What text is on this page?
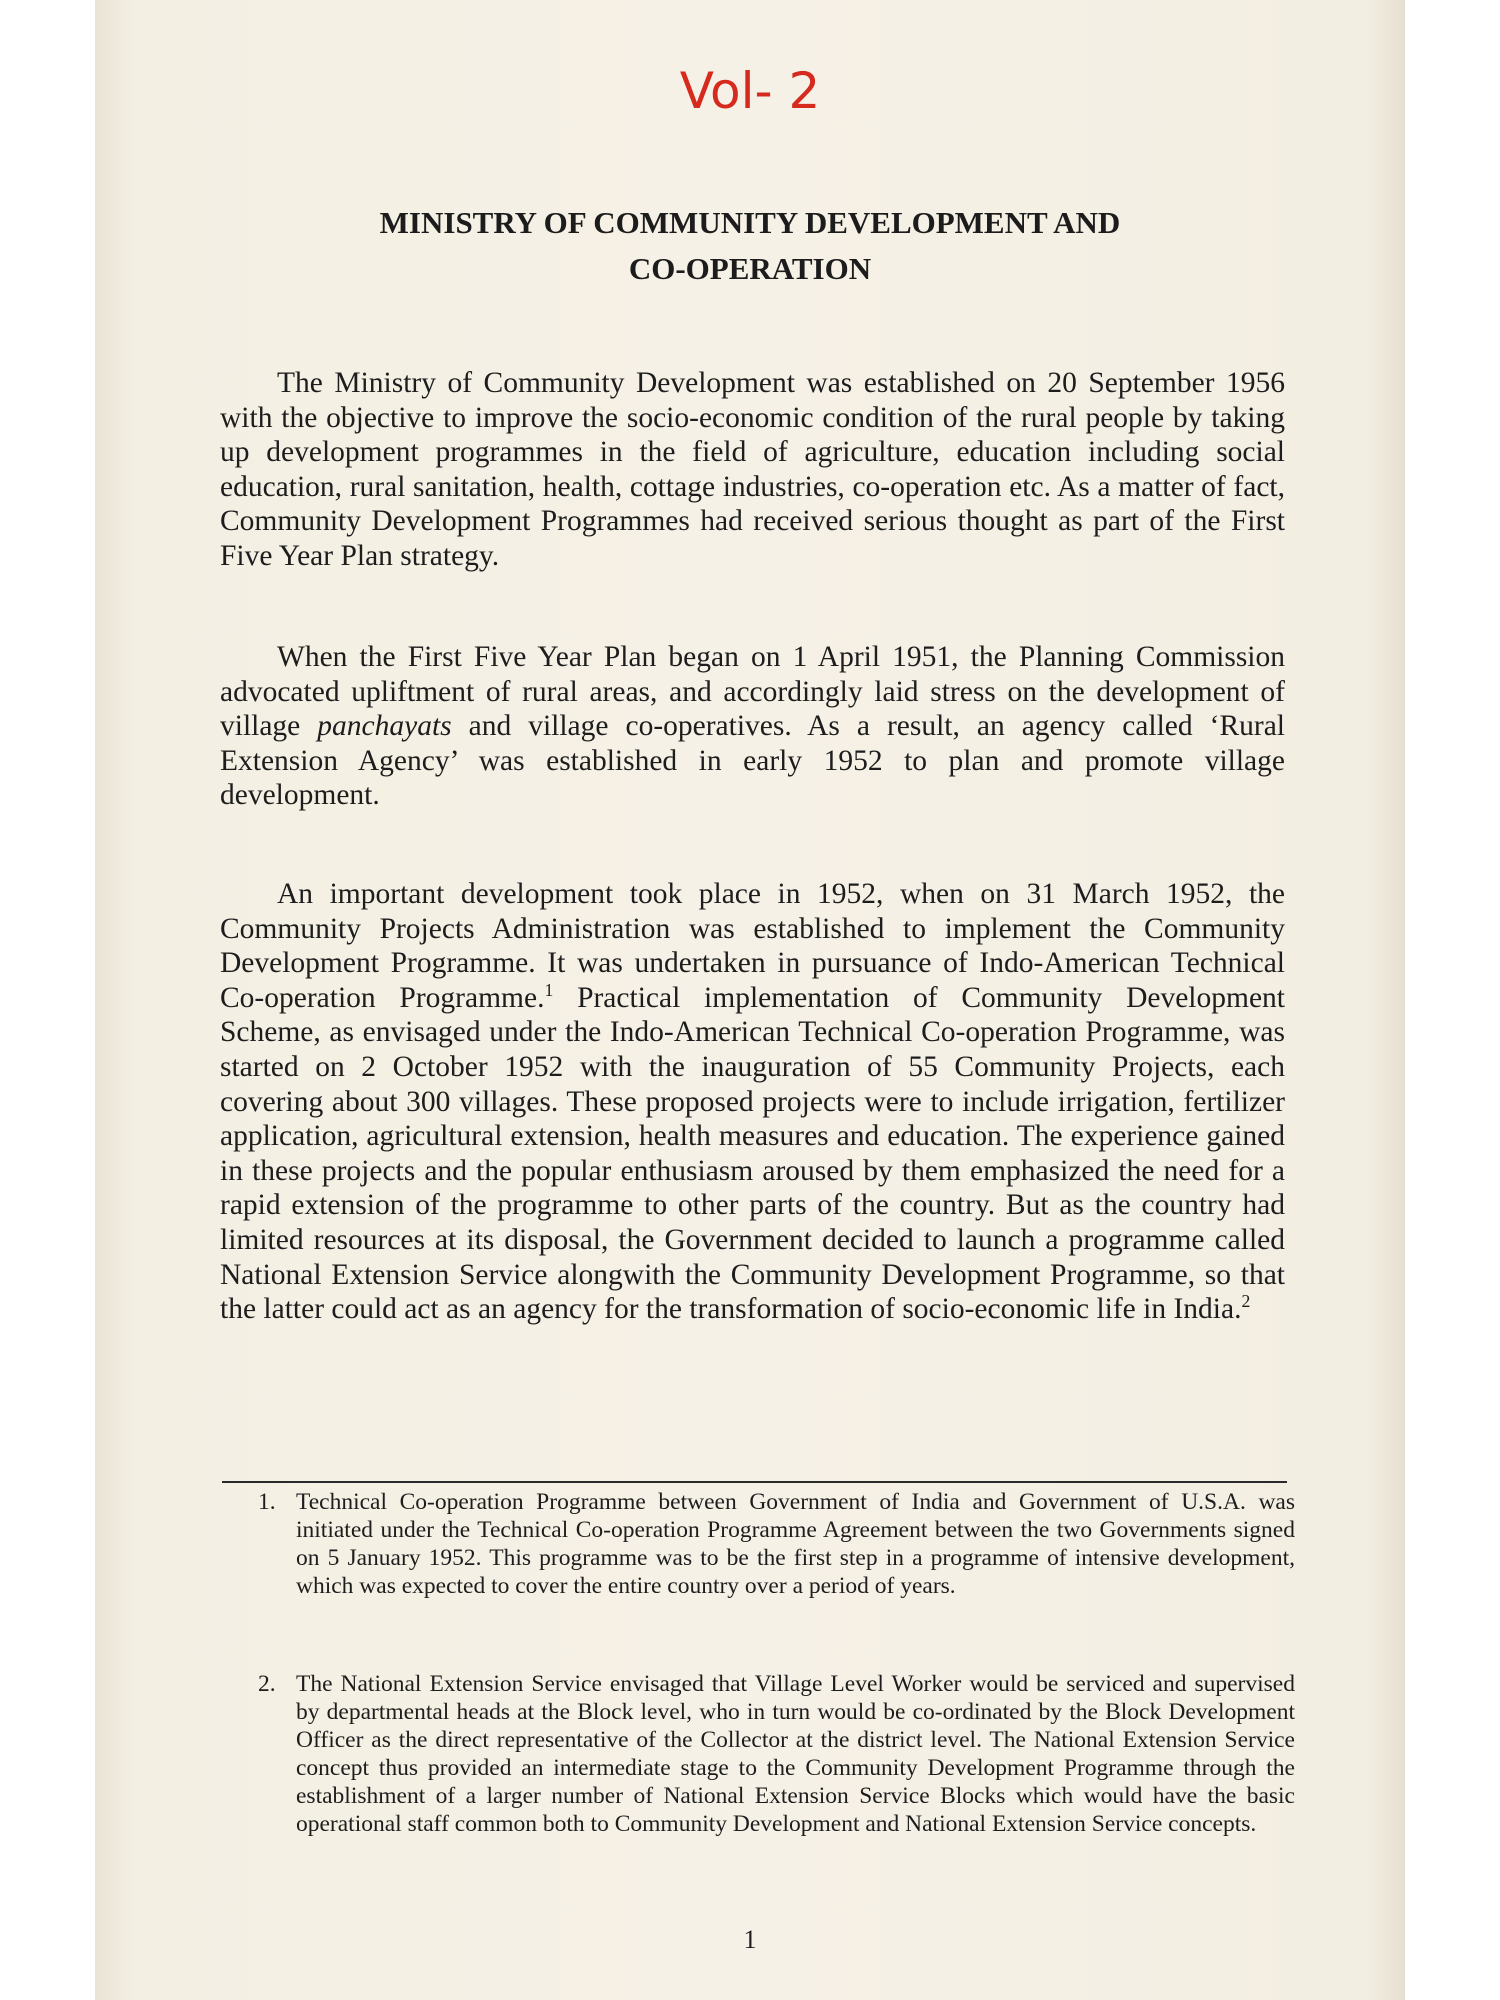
Vol- 2

MINISTRY OF COMMUNITY DEVELOPMENT AND
CO-OPERATION

The Ministry of Community Development was established on 20 September 1956 with the objective to improve the socio-economic condition of the rural people by taking up development programmes in the field of agriculture, education including social education, rural sanitation, health, cottage industries, co-operation etc. As a matter of fact, Community Development Programmes had received serious thought as part of the First Five Year Plan strategy.

When the First Five Year Plan began on 1 April 1951, the Planning Commission advocated upliftment of rural areas, and accordingly laid stress on the development of village panchayats and village co-operatives. As a result, an agency called ‘Rural Extension Agency’ was established in early 1952 to plan and promote village development.

An important development took place in 1952, when on 31 March 1952, the Community Projects Administration was established to implement the Community Development Programme. It was undertaken in pursuance of Indo-American Technical Co-operation Programme.$^1$ Practical implementation of Community Development Scheme, as envisaged under the Indo-American Technical Co-operation Programme, was started on 2 October 1952 with the inauguration of 55 Community Projects, each covering about 300 villages. These proposed projects were to include irrigation, fertilizer application, agricultural extension, health measures and education. The experience gained in these projects and the popular enthusiasm aroused by them emphasized the need for a rapid extension of the programme to other parts of the country. But as the country had limited resources at its disposal, the Government decided to launch a programme called National Extension Service alongwith the Community Development Programme, so that the latter could act as an agency for the transformation of socio-economic life in India.$^2$

1. Technical Co-operation Programme between Government of India and Government of U.S.A. was initiated under the Technical Co-operation Programme Agreement between the two Governments signed on 5 January 1952. This programme was to be the first step in a programme of intensive development, which was expected to cover the entire country over a period of years.
2. The National Extension Service envisaged that Village Level Worker would be serviced and supervised by departmental heads at the Block level, who in turn would be co-ordinated by the Block Development Officer as the direct representative of the Collector at the district level. The National Extension Service concept thus provided an intermediate stage to the Community Development Programme through the establishment of a larger number of National Extension Service Blocks which would have the basic operational staff common both to Community Development and National Extension Service concepts.

1
